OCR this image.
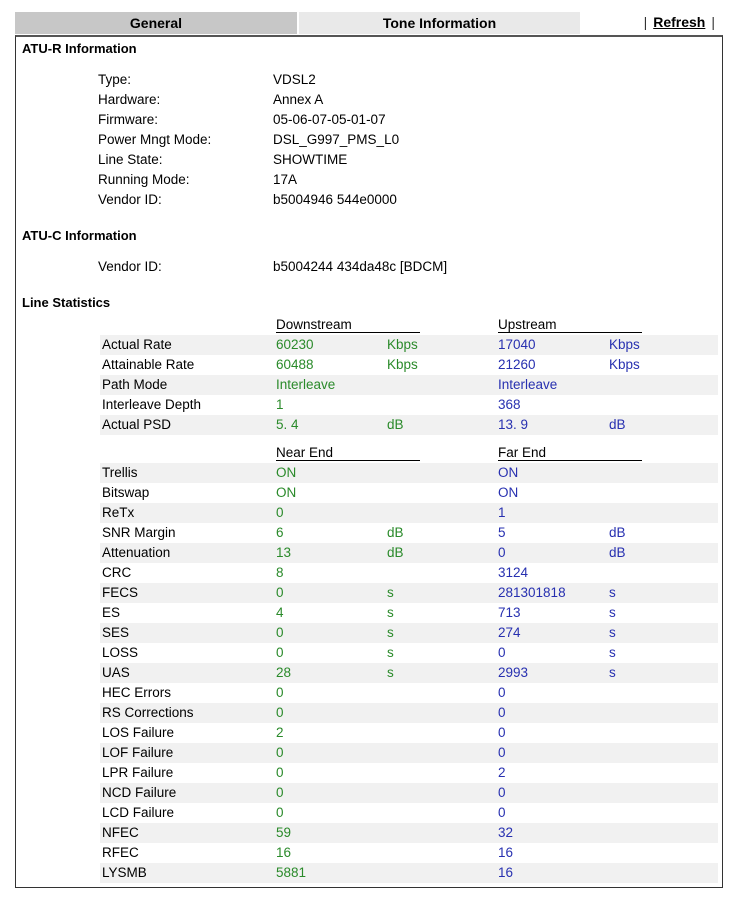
General	Tone Information	| Refresh |
ATU-R Information
Type:	VDSL2
Hardware:	Annex A
Firmware:	05-06-07-05-01-07
Power Mngt Mode:	DSL_G997_PMS_L0
Line State:	SHOWTIME
Running Mode:	17A
Vendor ID:	b5004946 544e0000
ATU-C Information
Vendor ID:	b5004244 434da48c [BDCM]
Line Statistics
Downstream	Upstream
Actual Rate	60230	Kbps	17040	Kbps
Attainable Rate	60488	Kbps	21260	Kbps
Path Mode	Interleave	Interleave
Interleave Depth	1	368
Actual PSD	5. 4	dB	13. 9	dB
Near End	Far End
Trellis	ON	ON
Bitswap	ON	ON
ReTx	0	1
SNR Margin	6	dB	5	dB
Attenuation	13	dB	0	dB
CRC	8	3124
FECS	0	s	281301818	s
ES	4	s	713	s
SES	0	s	274	s
LOSS	0	s	0	s
UAS	28	s	2993	s
HEC Errors	0	0
RS Corrections	0	0
LOS Failure	2	0
LOF Failure	0	0
LPR Failure	0	2
NCD Failure	0	0
LCD Failure	0	0
NFEC	59	32
RFEC	16	16
LYSMB	5881	16
